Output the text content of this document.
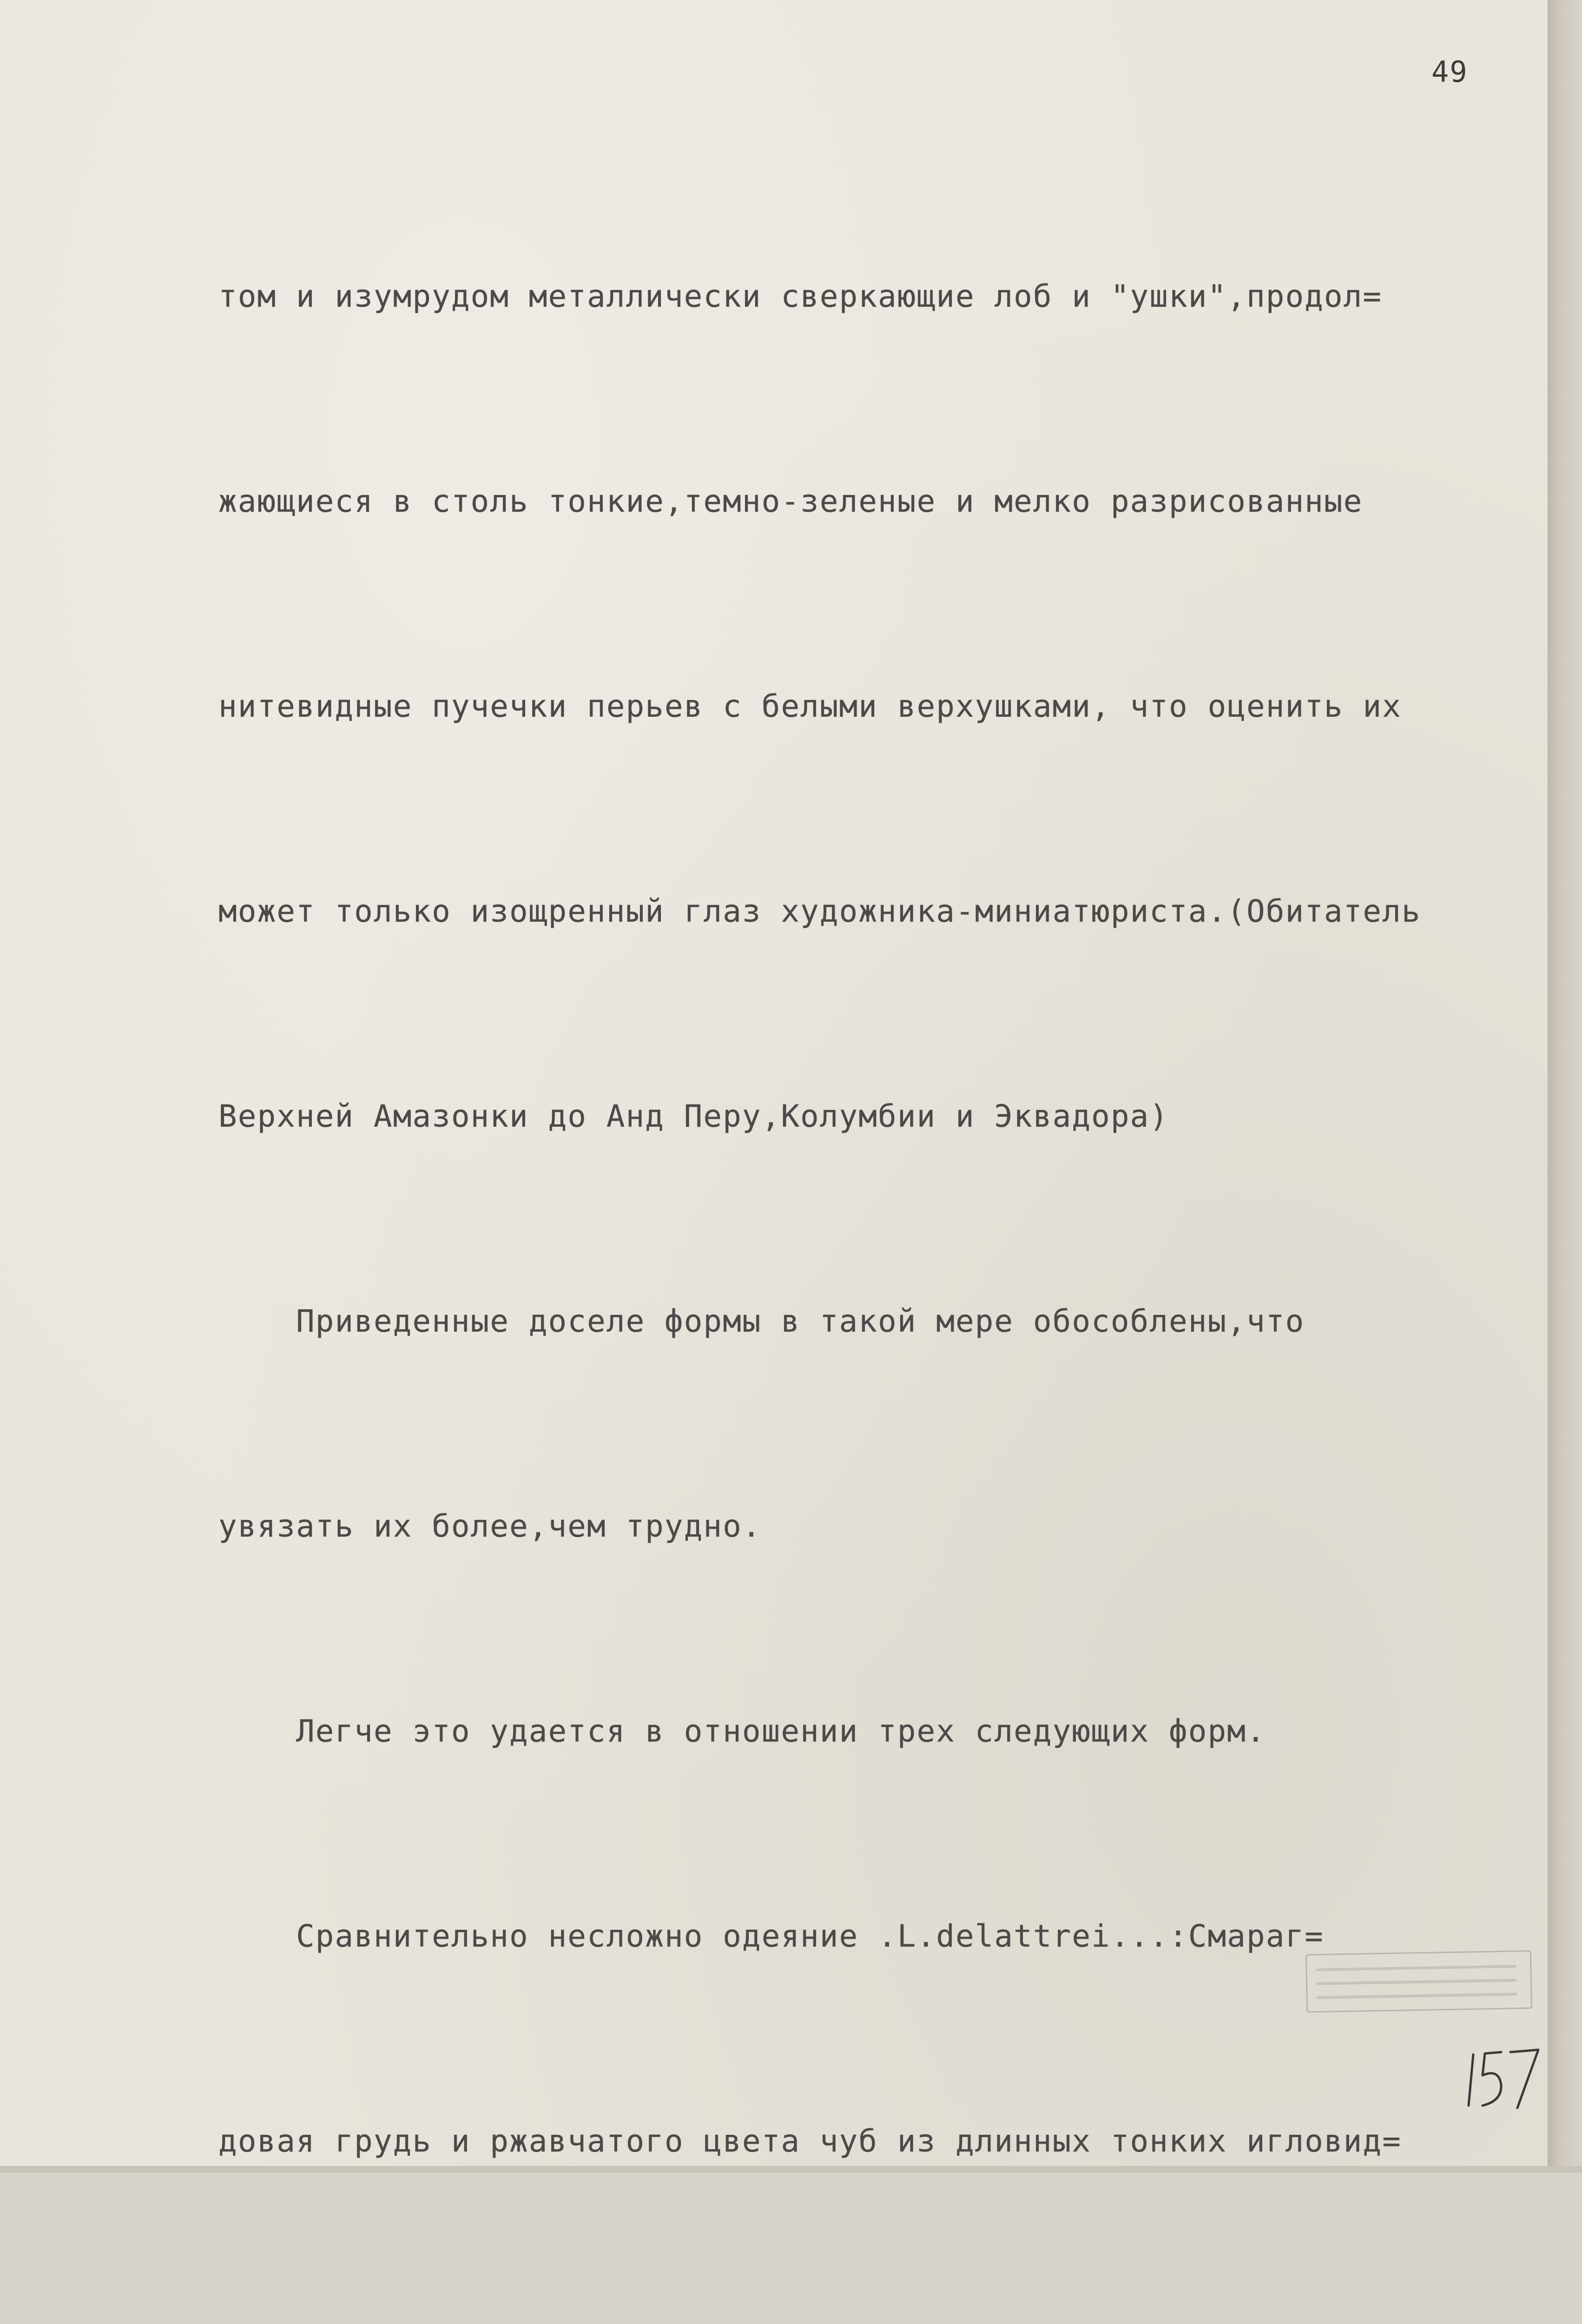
49

том и изумрудом металлически сверкающие лоб и "ушки",продол=

жающиеся в столь тонкие,темно-зеленые и мелко разрисованные

нитевидные пучечки перьев с белыми верхушками, что оценить их

может только изощренный глаз художника-миниатюриста.(Обитатель

Верхней Амазонки до Анд Перу,Колумбии и Эквадора)

Приведенные доселе формы в такой мере обособлены,что

увязать их более,чем трудно.

Легче это удается в отношении трех следующих форм.

Сравнительно несложно одеяние .L.delattrei...:Смараг=

довая грудь и ржавчатого цвета чуб из длинных тонких игловид=
